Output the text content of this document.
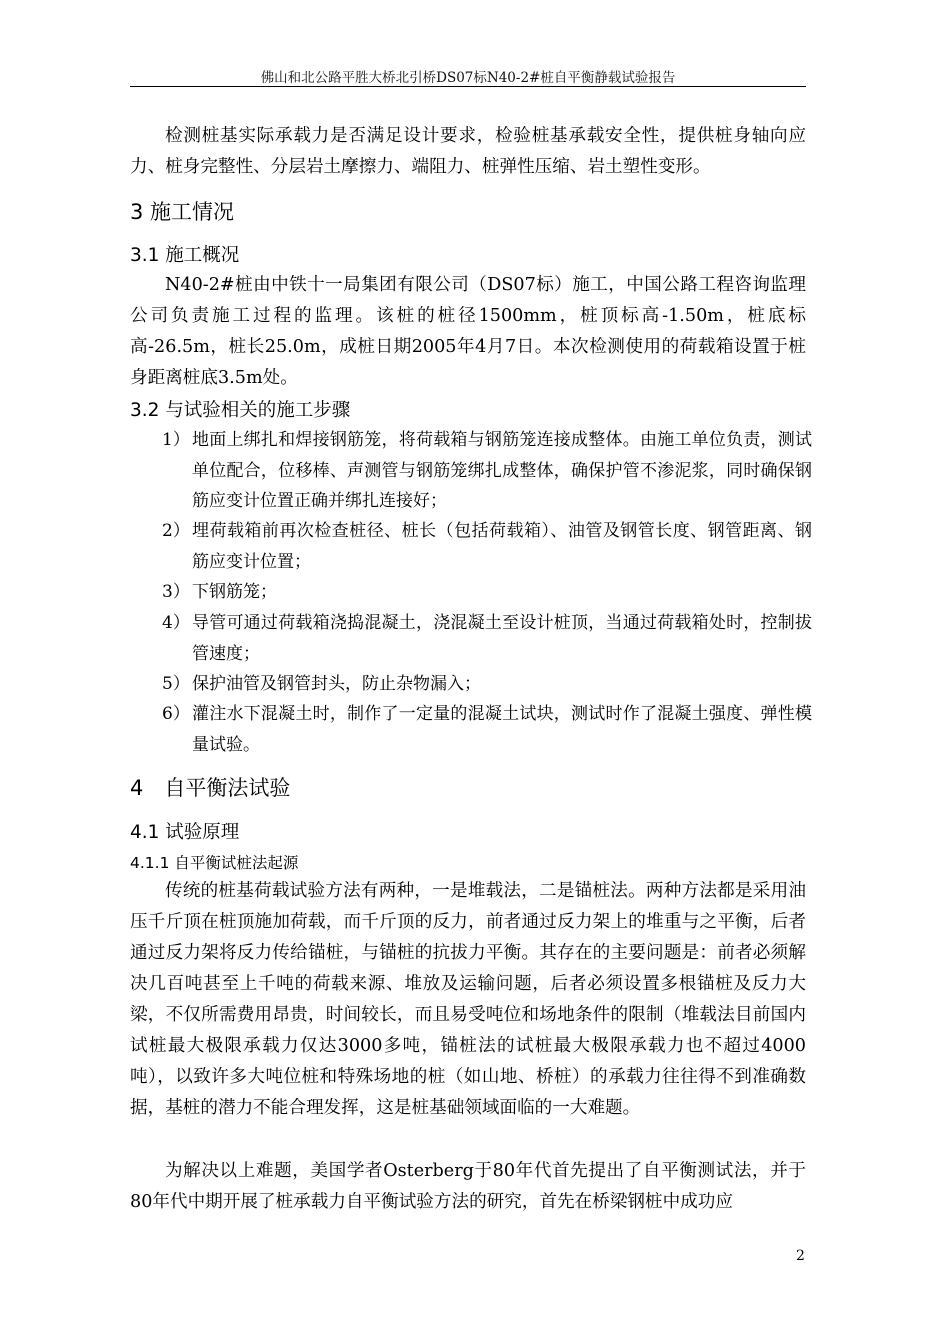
佛山和北公路平胜大桥北引桥DS07标N40-2#桩自平衡静载试验报告
检测桩基实际承载力是否满足设计要求，检验桩基承载安全性，提供桩身轴向应力、桩身完整性、分层岩土摩擦力、端阻力、桩弹性压缩、岩土塑性变形。
3 施工情况
3.1 施工概况
N40-2#桩由中铁十一局集团有限公司（DS07标）施工，中国公路工程咨询监理公司负责施工过程的监理。该桩的桩径1500mm，桩顶标高-1.50m，桩底标高-26.5m，桩长25.0m，成桩日期2005年4月7日。本次检测使用的荷载箱设置于桩身距离桩底3.5m处。
3.2 与试验相关的施工步骤
1） 地面上绑扎和焊接钢筋笼，将荷载箱与钢筋笼连接成整体。由施工单位负责，测试单位配合，位移棒、声测管与钢筋笼绑扎成整体，确保护管不渗泥浆，同时确保钢筋应变计位置正确并绑扎连接好；
2） 埋荷载箱前再次检查桩径、桩长（包括荷载箱）、油管及钢管长度、钢管距离、钢筋应变计位置；
3） 下钢筋笼；
4） 导管可通过荷载箱浇捣混凝土，浇混凝土至设计桩顶，当通过荷载箱处时，控制拔管速度；
5） 保护油管及钢管封头，防止杂物漏入；
6） 灌注水下混凝土时，制作了一定量的混凝土试块，测试时作了混凝土强度、弹性模量试验。
4　自平衡法试验
4.1 试验原理
4.1.1 自平衡试桩法起源
传统的桩基荷载试验方法有两种，一是堆载法，二是锚桩法。两种方法都是采用油压千斤顶在桩顶施加荷载，而千斤顶的反力，前者通过反力架上的堆重与之平衡，后者通过反力架将反力传给锚桩，与锚桩的抗拔力平衡。其存在的主要问题是：前者必须解决几百吨甚至上千吨的荷载来源、堆放及运输问题，后者必须设置多根锚桩及反力大梁，不仅所需费用昂贵，时间较长，而且易受吨位和场地条件的限制（堆载法目前国内试桩最大极限承载力仅达3000多吨，锚桩法的试桩最大极限承载力也不超过4000吨），以致许多大吨位桩和特殊场地的桩（如山地、桥桩）的承载力往往得不到准确数据，基桩的潜力不能合理发挥，这是桩基础领域面临的一大难题。
为解决以上难题，美国学者Osterberg于80年代首先提出了自平衡测试法，并于80年代中期开展了桩承载力自平衡试验方法的研究，首先在桥梁钢桩中成功应
2
